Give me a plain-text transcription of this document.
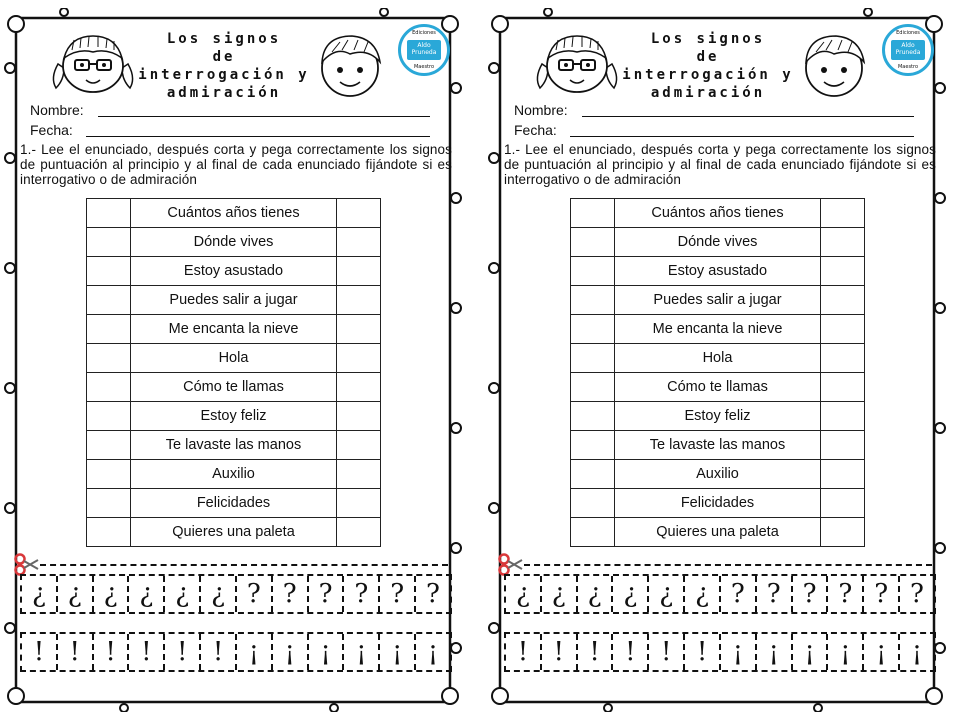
Los signos
de
interrogación y
admiración
Ediciones
Aldo Pruneda
Maestro
Nombre:
Fecha:
1.- Lee el enunciado, después corta y pega correctamente los signos de puntuación al principio y al final de cada enunciado fijándote si es interrogativo o de admiración
	Cuántos años tienes	
	Dónde vives	
	Estoy asustado	
	Puedes salir a jugar	
	Me encanta la nieve	
	Hola	
	Cómo te llamas	
	Estoy feliz	
	Te lavaste las manos	
	Auxilio	
	Felicidades	
	Quieres una paleta	
¿ ¿ ¿ ¿ ¿ ¿ ? ? ? ? ? ?
! ! ! ! ! ! ¡ ¡ ¡ ¡ ¡ ¡
Los signos
de
interrogación y
admiración
Ediciones
Aldo Pruneda
Maestro
Nombre:
Fecha:
1.- Lee el enunciado, después corta y pega correctamente los signos de puntuación al principio y al final de cada enunciado fijándote si es interrogativo o de admiración
	Cuántos años tienes	
	Dónde vives	
	Estoy asustado	
	Puedes salir a jugar	
	Me encanta la nieve	
	Hola	
	Cómo te llamas	
	Estoy feliz	
	Te lavaste las manos	
	Auxilio	
	Felicidades	
	Quieres una paleta	
¿ ¿ ¿ ¿ ¿ ¿ ? ? ? ? ? ?
! ! ! ! ! ! ¡ ¡ ¡ ¡ ¡ ¡
